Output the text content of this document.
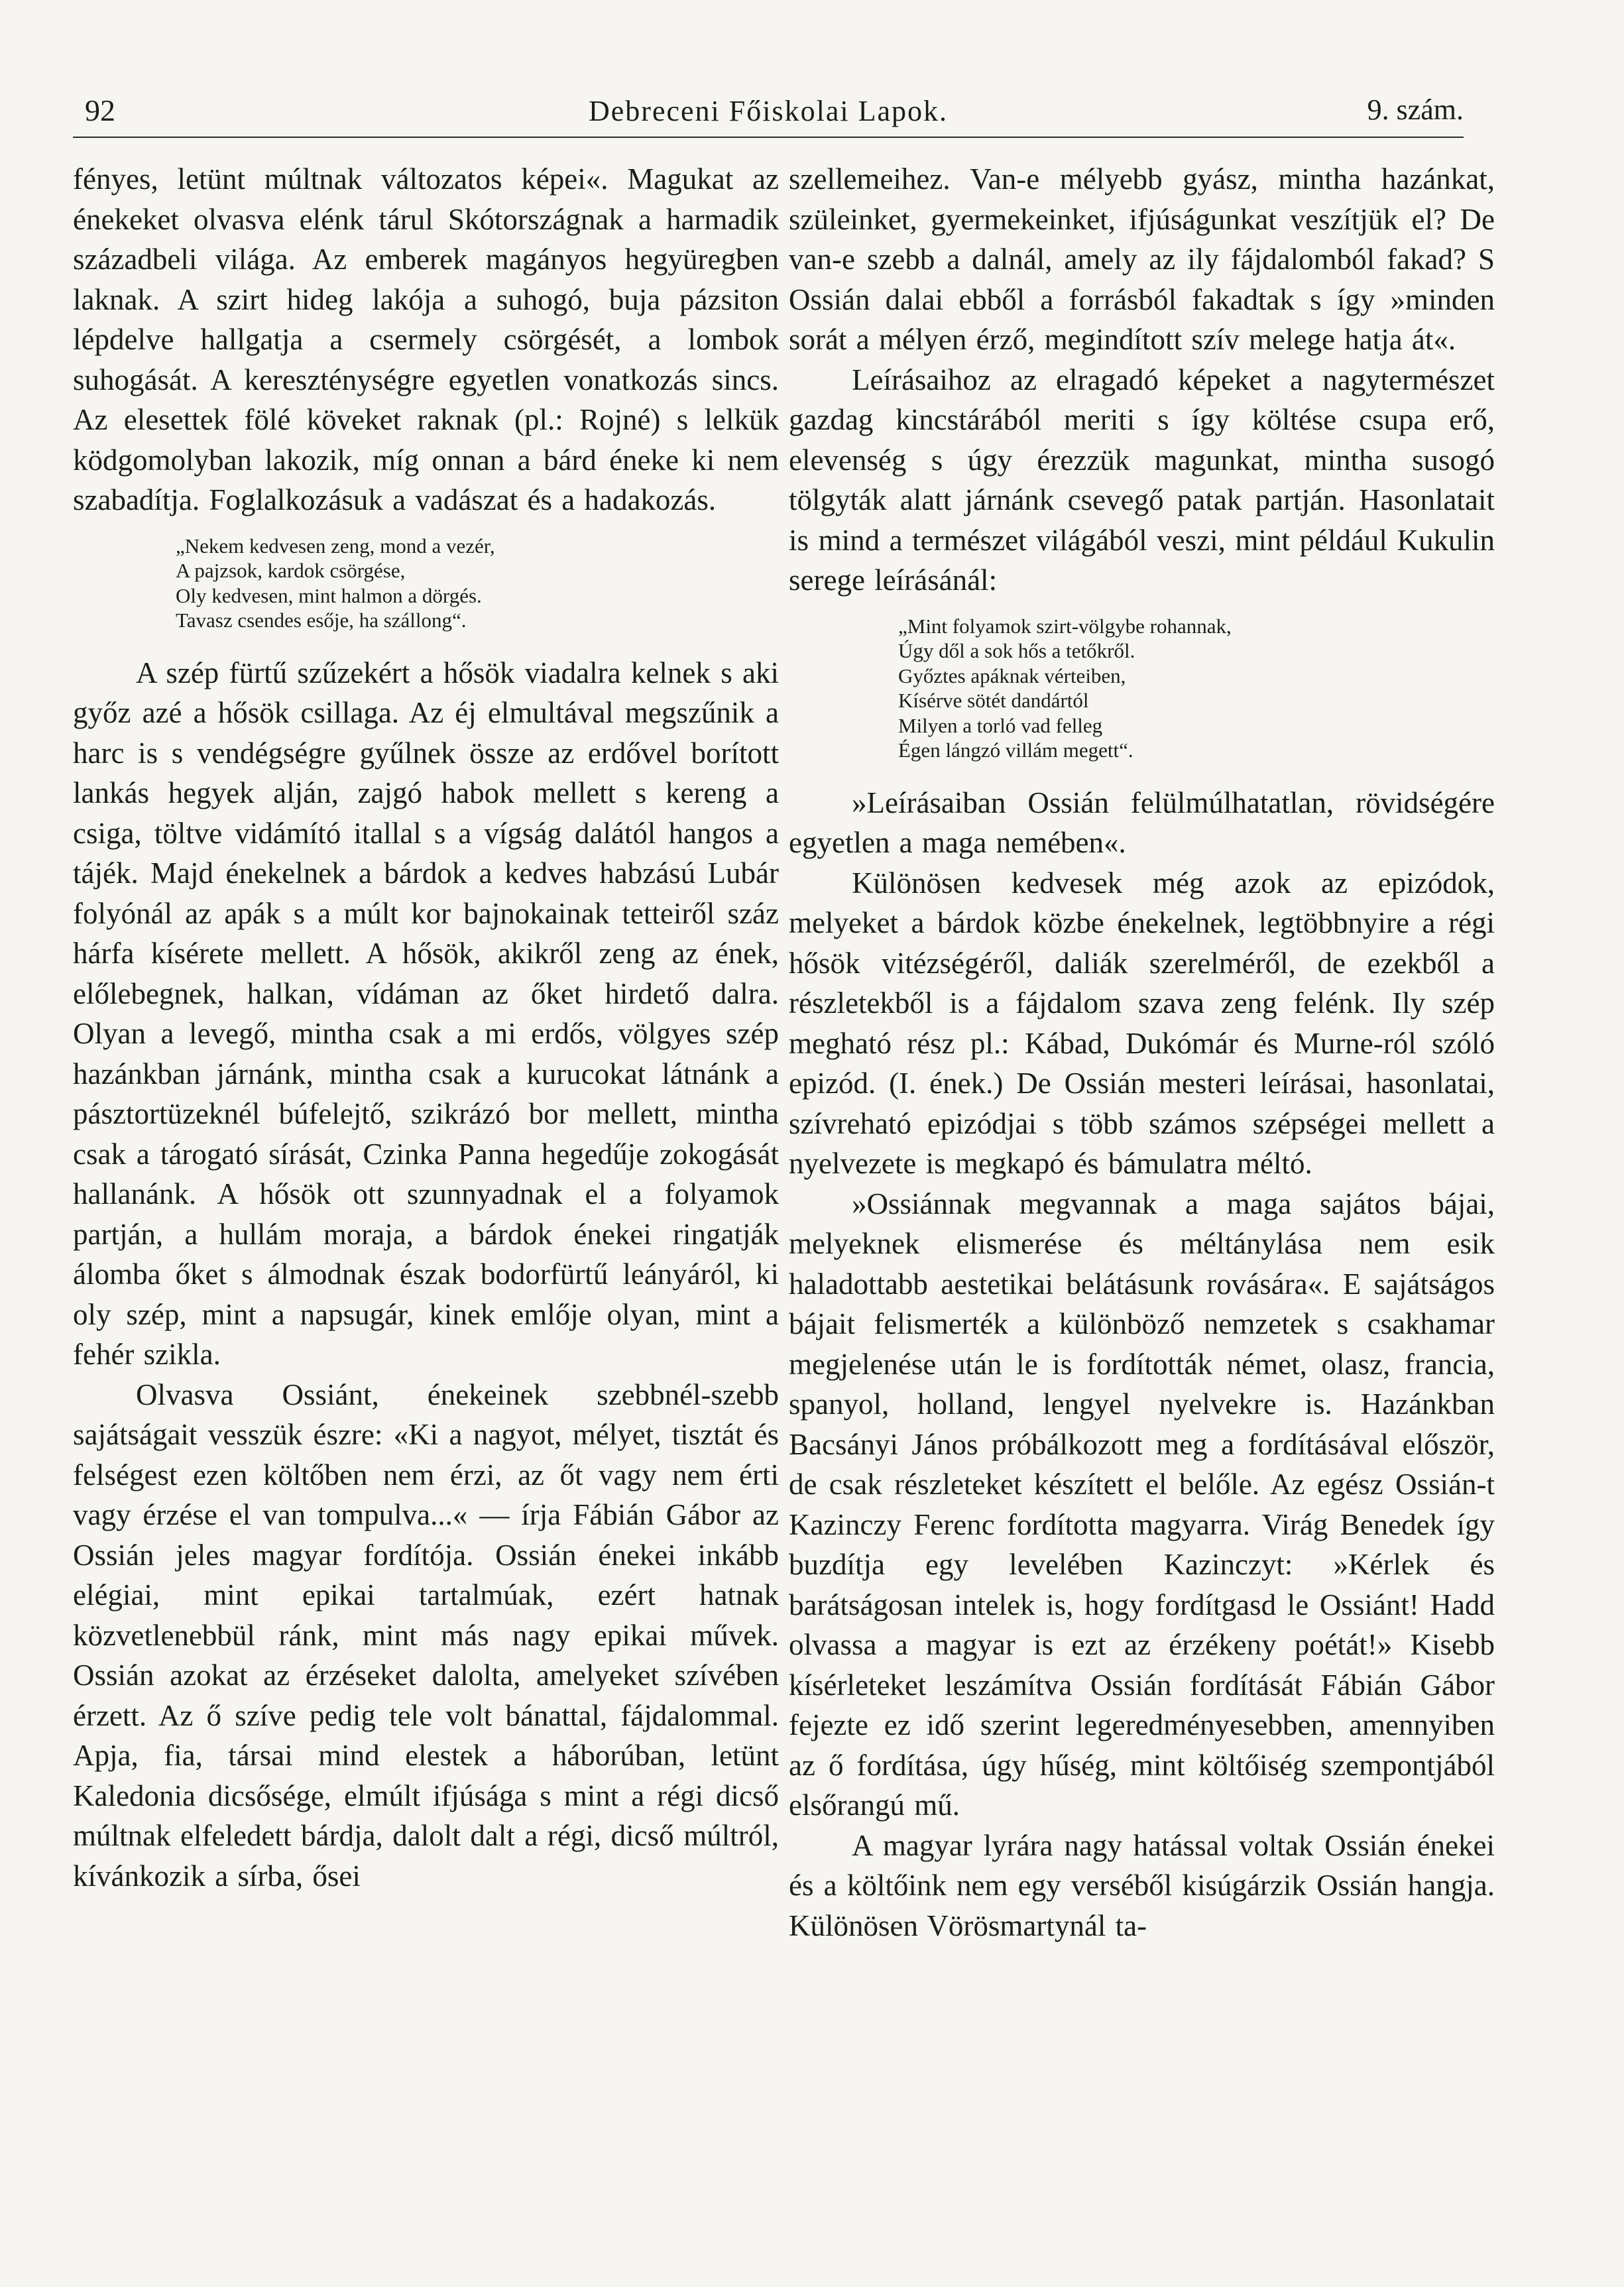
92	Debreceni Főiskolai Lapok.	9. szám.

fényes, letünt múltnak változatos képei«. Magukat az énekeket olvasva elénk tárul Skótországnak a harmadik századbeli világa. Az emberek magányos hegyüregben laknak. A szirt hideg lakója a suhogó, buja pázsiton lépdelve hallgatja a csermely csörgését, a lombok suhogását. A kereszténységre egyetlen vonatkozás sincs. Az elesettek fölé köveket raknak (pl.: Rojné) s lelkük ködgomolyban lakozik, míg onnan a bárd éneke ki nem szabadítja. Foglalkozásuk a vadászat és a hadakozás.

„Nekem kedvesen zeng, mond a vezér,
A pajzsok, kardok csörgése,
Oly kedvesen, mint halmon a dörgés.
Tavasz csendes esője, ha szállong“.

A szép fürtű szűzekért a hősök viadalra kelnek s aki győz azé a hősök csillaga. Az éj elmultával megszűnik a harc is s vendégségre gyűlnek össze az erdővel borított lankás hegyek alján, zajgó habok mellett s kereng a csiga, töltve vidámító itallal s a vígság dalától hangos a tájék. Majd énekelnek a bárdok a kedves habzású Lubár folyónál az apák s a múlt kor bajnokainak tetteiről száz hárfa kísérete mellett. A hősök, akikről zeng az ének, előlebegnek, halkan, vídáman az őket hirdető dalra. Olyan a levegő, mintha csak a mi erdős, völgyes szép hazánkban járnánk, mintha csak a kurucokat látnánk a pásztortüzeknél búfelejtő, szikrázó bor mellett, mintha csak a tárogató sírását, Czinka Panna hegedűje zokogását hallanánk. A hősök ott szunnyadnak el a folyamok partján, a hullám moraja, a bárdok énekei ringatják álomba őket s álmodnak észak bodorfürtű leányáról, ki oly szép, mint a napsugár, kinek emlője olyan, mint a fehér szikla.

Olvasva Ossiánt, énekeinek szebbnél-szebb sajátságait vesszük észre: «Ki a nagyot, mélyet, tisztát és felségest ezen költőben nem érzi, az őt vagy nem érti vagy érzése el van tompulva...« — írja Fábián Gábor az Ossián jeles magyar fordítója. Ossián énekei inkább elégiai, mint epikai tartalmúak, ezért hatnak közvetlenebbül ránk, mint más nagy epikai művek. Ossián azokat az érzéseket dalolta, amelyeket szívében érzett. Az ő szíve pedig tele volt bánattal, fájdalommal. Apja, fia, társai mind elestek a háborúban, letünt Kaledonia dicsősége, elmúlt ifjúsága s mint a régi dicső múltnak elfeledett bárdja, dalolt dalt a régi, dicső múltról, kívánkozik a sírba, ősei

szellemeihez. Van-e mélyebb gyász, mintha hazánkat, szüleinket, gyermekeinket, ifjúságunkat veszítjük el? De van-e szebb a dalnál, amely az ily fájdalomból fakad? S Ossián dalai ebből a forrásból fakadtak s így »minden sorát a mélyen érző, megindított szív melege hatja át«.

Leírásaihoz az elragadó képeket a nagytermészet gazdag kincstárából meriti s így költése csupa erő, elevenség s úgy érezzük magunkat, mintha susogó tölgyták alatt járnánk csevegő patak partján. Hasonlatait is mind a természet világából veszi, mint például Kukulin serege leírásánál:

„Mint folyamok szirt-völgybe rohannak,
Úgy dől a sok hős a tetőkről.
Győztes apáknak vérteiben,
Kísérve sötét dandártól
Milyen a torló vad felleg
Égen lángzó villám megett“.

»Leírásaiban Ossián felülmúlhatatlan, rövidségére egyetlen a maga nemében«.

Különösen kedvesek még azok az epizódok, melyeket a bárdok közbe énekelnek, legtöbbnyire a régi hősök vitézségéről, daliák szerelméről, de ezekből a részletekből is a fájdalom szava zeng felénk. Ily szép megható rész pl.: Kábad, Dukómár és Murne-ról szóló epizód. (I. ének.) De Ossián mesteri leírásai, hasonlatai, szívreható epizódjai s több számos szépségei mellett a nyelvezete is megkapó és bámulatra méltó.

»Ossiánnak megvannak a maga sajátos bájai, melyeknek elismerése és méltánylása nem esik haladottabb aestetikai belátásunk rovására«. E sajátságos bájait felismerték a különböző nemzetek s csakhamar megjelenése után le is fordították német, olasz, francia, spanyol, holland, lengyel nyelvekre is. Hazánkban Bacsányi János próbálkozott meg a fordításával először, de csak részleteket készített el belőle. Az egész Ossián-t Kazinczy Ferenc fordította magyarra. Virág Benedek így buzdítja egy levelében Kazinczyt: »Kérlek és barátságosan intelek is, hogy fordítgasd le Ossiánt! Hadd olvassa a magyar is ezt az érzékeny poétát!» Kisebb kísérleteket leszámítva Ossián fordítását Fábián Gábor fejezte ez idő szerint legeredményesebben, amennyiben az ő fordítása, úgy hűség, mint költőiség szempontjából elsőrangú mű.

A magyar lyrára nagy hatással voltak Ossián énekei és a költőink nem egy verséből kisúgárzik Ossián hangja. Különösen Vörösmartynál ta-
